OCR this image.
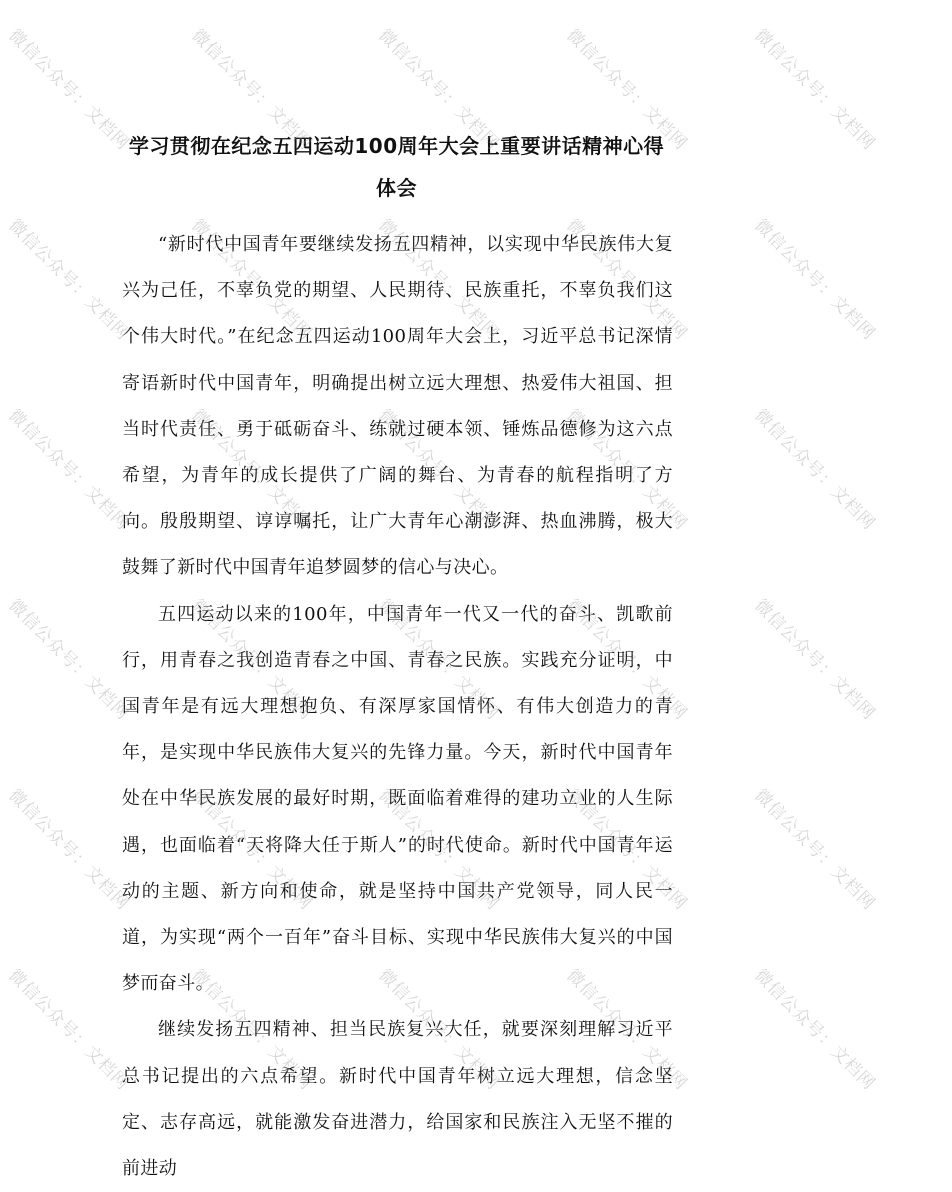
学习贯彻在纪念五四运动100周年大会上重要讲话精神心得
体会

“新时代中国青年要继续发扬五四精神，以实现中华民族伟大复兴为己任，不辜负党的期望、人民期待、民族重托，不辜负我们这个伟大时代。”在纪念五四运动100周年大会上，习近平总书记深情寄语新时代中国青年，明确提出树立远大理想、热爱伟大祖国、担当时代责任、勇于砥砺奋斗、练就过硬本领、锤炼品德修为这六点希望，为青年的成长提供了广阔的舞台、为青春的航程指明了方向。殷殷期望、谆谆嘱托，让广大青年心潮澎湃、热血沸腾，极大鼓舞了新时代中国青年追梦圆梦的信心与决心。

五四运动以来的100年，中国青年一代又一代的奋斗、凯歌前行，用青春之我创造青春之中国、青春之民族。实践充分证明，中国青年是有远大理想抱负、有深厚家国情怀、有伟大创造力的青年，是实现中华民族伟大复兴的先锋力量。今天，新时代中国青年处在中华民族发展的最好时期，既面临着难得的建功立业的人生际遇，也面临着“天将降大任于斯人”的时代使命。新时代中国青年运动的主题、新方向和使命，就是坚持中国共产党领导，同人民一道，为实现“两个一百年”奋斗目标、实现中华民族伟大复兴的中国梦而奋斗。

继续发扬五四精神、担当民族复兴大任，就要深刻理解习近平总书记提出的六点希望。新时代中国青年树立远大理想，信念坚定、志存高远，就能激发奋进潜力，给国家和民族注入无坚不摧的前进动

微信公众号：文档网	微信公众号：文档网	微信公众号：文档网	微信公众号：文档网	微信公众号：文档网
微信公众号：文档网	微信公众号：文档网	微信公众号：文档网	微信公众号：文档网	微信公众号：文档网
微信公众号：文档网	微信公众号：文档网	微信公众号：文档网	微信公众号：文档网	微信公众号：文档网
微信公众号：文档网	微信公众号：文档网	微信公众号：文档网	微信公众号：文档网	微信公众号：文档网
微信公众号：文档网	微信公众号：文档网	微信公众号：文档网	微信公众号：文档网	微信公众号：文档网
微信公众号：文档网	微信公众号：文档网	微信公众号：文档网	微信公众号：文档网	微信公众号：文档网
